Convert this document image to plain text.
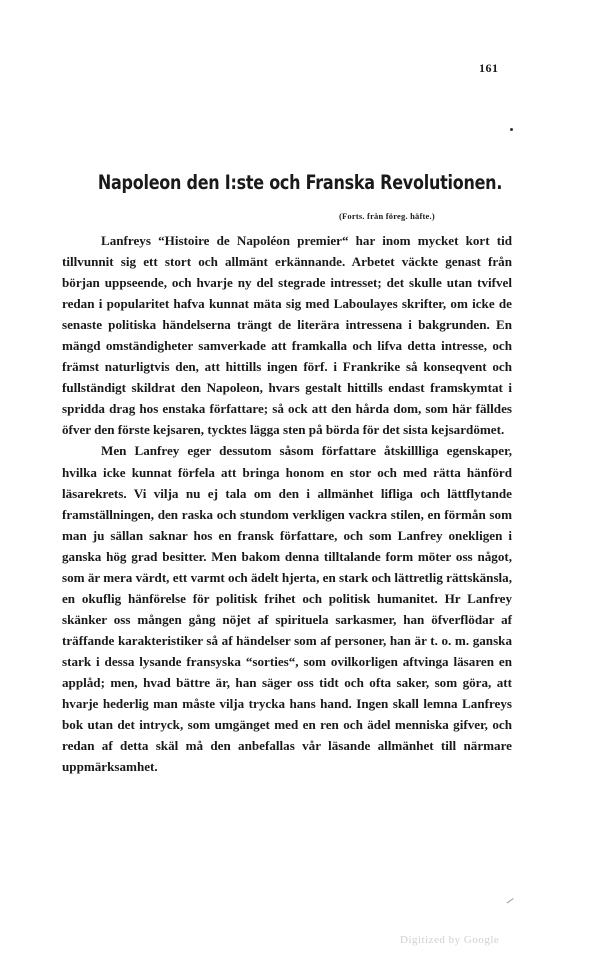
161
Napoleon den I:ste och Franska Revolutionen.
(Forts. från föreg. häfte.)

Lanfreys “Histoire de Napoléon premier“ har inom mycket kort tid tillvunnit sig ett stort och allmänt erkännande. Arbetet väckte genast från början uppseende, och hvarje ny del stegrade intresset; det skulle utan tvifvel redan i popularitet hafva kunnat mäta sig med Laboulayes skrifter, om icke de senaste politiska händelserna trängt de literära intressena i bakgrunden. En mängd omständigheter samverkade att framkalla och lifva detta intresse, och främst naturligtvis den, att hittills ingen förf. i Frankrike så konseqvent och fullständigt skildrat den Napoleon, hvars gestalt hittills endast framskymtat i spridda drag hos enstaka författare; så ock att den hårda dom, som här fälldes öfver den förste kejsaren, tycktes lägga sten på börda för det sista kejsardömet.

Men Lanfrey eger dessutom såsom författare åtskillliga egenskaper, hvilka icke kunnat förfela att bringa honom en stor och med rätta hänförd läsarekrets. Vi vilja nu ej tala om den i allmänhet lifliga och lättflytande framställningen, den raska och stundom verkligen vackra stilen, en förmån som man ju sällan saknar hos en fransk författare, och som Lanfrey onekligen i ganska hög grad besitter. Men bakom denna tilltalande form möter oss något, som är mera värdt, ett varmt och ädelt hjerta, en stark och lättretlig rättskänsla, en okuflig hänförelse för politisk frihet och politisk humanitet. Hr Lanfrey skänker oss mången gång nöjet af spirituela sarkasmer, han öfverflödar af träffande karakteristiker så af händelser som af personer, han är t. o. m. ganska stark i dessa lysande fransyska “sorties“, som ovilkorligen aftvinga läsaren en applåd; men, hvad bättre är, han säger oss tidt och ofta saker, som göra, att hvarje hederlig man måste vilja trycka hans hand. Ingen skall lemna Lanfreys bok utan det intryck, som umgänget med en ren och ädel menniska gifver, och redan af detta skäl må den anbefallas vår läsande allmänhet till närmare uppmärksamhet.

Digitized by Google
